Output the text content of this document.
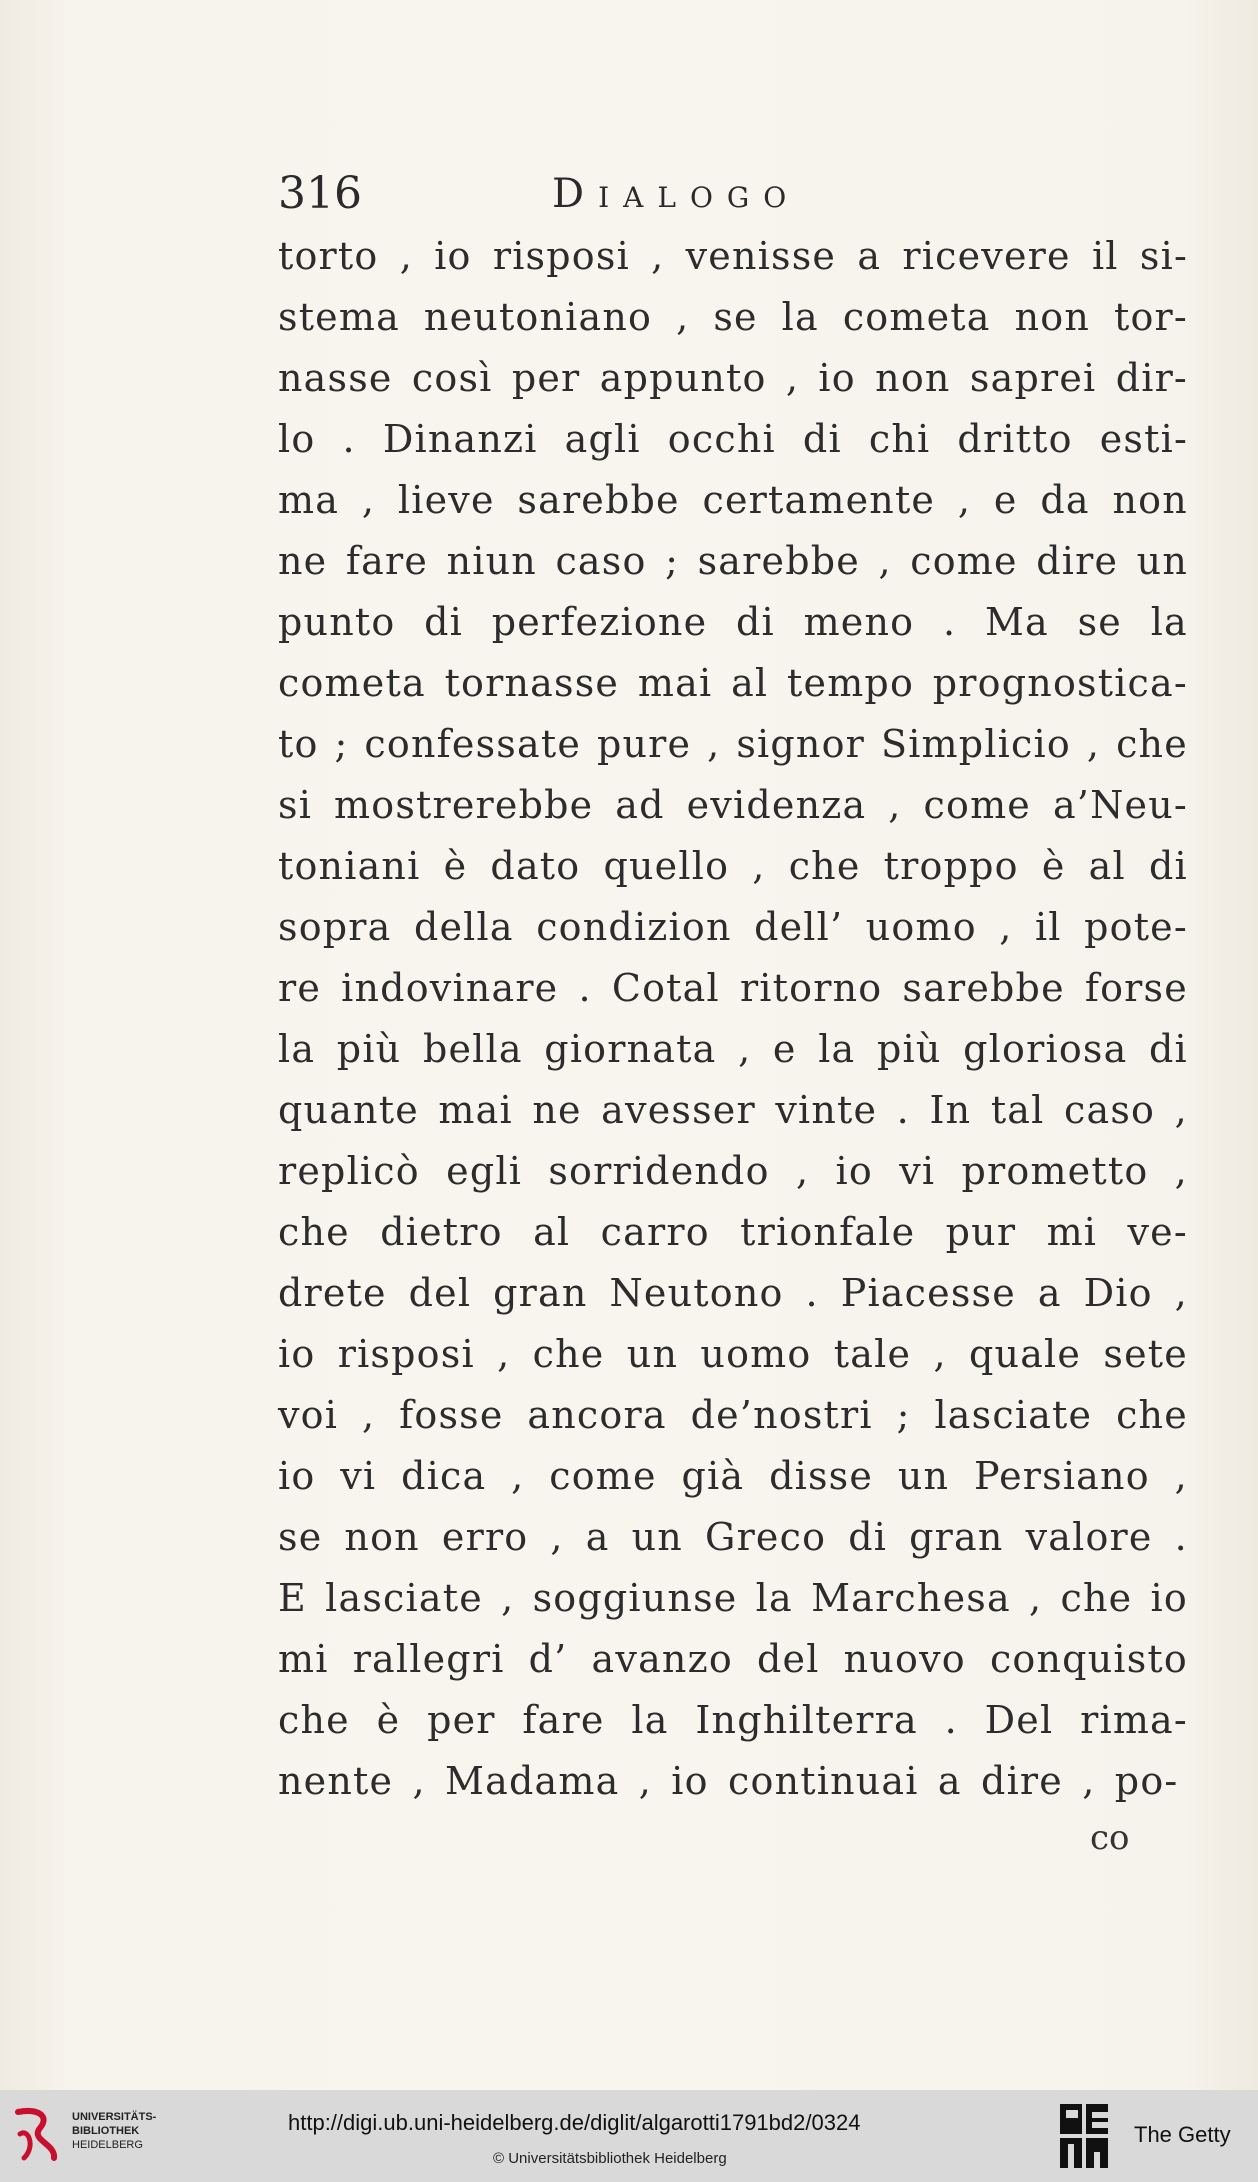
316	Dialogo
torto , io risposi , venisse a ricevere il si-
stema neutoniano , se la cometa non tor-
nasse così per appunto , io non saprei dir-
lo . Dinanzi agli occhi di chi dritto esti-
ma , lieve sarebbe certamente , e da non
ne fare niun caso ; sarebbe , come dire un
punto di perfezione di meno . Ma se la
cometa tornasse mai al tempo prognostica-
to ; confessate pure , signor Simplicio , che
si mostrerebbe ad evidenza , come a’Neu-
toniani è dato quello , che troppo è al di
sopra della condizion dell’ uomo , il pote-
re indovinare . Cotal ritorno sarebbe forse
la più bella giornata , e la più gloriosa di
quante mai ne avesser vinte . In tal caso ,
replicò egli sorridendo , io vi prometto ,
che dietro al carro trionfale pur mi ve-
drete del gran Neutono . Piacesse a Dio ,
io risposi , che un uomo tale , quale sete
voi , fosse ancora de’nostri ; lasciate che
io vi dica , come già disse un Persiano ,
se non erro , a un Greco di gran valore .
E lasciate , soggiunse la Marchesa , che io
mi rallegri d’ avanzo del nuovo conquisto
che è per fare la Inghilterra . Del rima-
nente , Madama , io continuai a dire , po-
co
UNIVERSITÄTS-
BIBLIOTHEK
HEIDELBERG
http://digi.ub.uni-heidelberg.de/diglit/algarotti1791bd2/0324
© Universitätsbibliothek Heidelberg
The Getty
